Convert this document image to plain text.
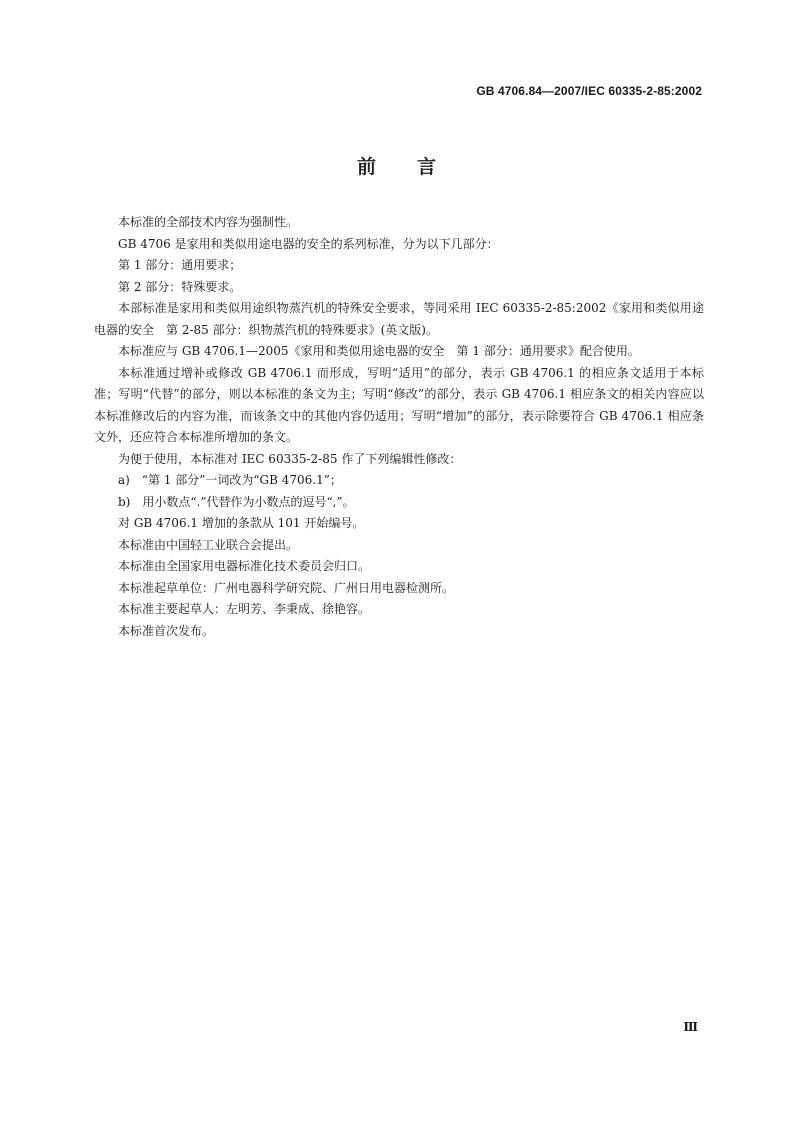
GB 4706.84—2007/IEC 60335-2-85:2002
前 言

本标准的全部技术内容为强制性。

GB 4706 是家用和类似用途电器的安全的系列标准，分为以下几部分：

第 1 部分：通用要求；

第 2 部分：特殊要求。

本部标准是家用和类似用途织物蒸汽机的特殊安全要求，等同采用 IEC 60335-2-85:2002《家用和类似用途电器的安全　第 2-85 部分：织物蒸汽机的特殊要求》(英文版)。

本标准应与 GB 4706.1—2005《家用和类似用途电器的安全　第 1 部分：通用要求》配合使用。

本标准通过增补或修改 GB 4706.1 而形成，写明“适用”的部分，表示 GB 4706.1 的相应条文适用于本标准；写明“代替”的部分，则以本标准的条文为主；写明“修改”的部分，表示 GB 4706.1 相应条文的相关内容应以本标准修改后的内容为准，而该条文中的其他内容仍适用；写明“增加”的部分，表示除要符合 GB 4706.1 相应条文外，还应符合本标准所增加的条文。

为便于使用，本标准对 IEC 60335-2-85 作了下列编辑性修改：

a)　“第 1 部分”一词改为“GB 4706.1”；

b)　用小数点“.”代替作为小数点的逗号“,”。

对 GB 4706.1 增加的条款从 101 开始编号。

本标准由中国轻工业联合会提出。

本标准由全国家用电器标准化技术委员会归口。

本标准起草单位：广州电器科学研究院、广州日用电器检测所。

本标准主要起草人：左明芳、李秉成、徐艳容。

本标准首次发布。

Ⅲ
